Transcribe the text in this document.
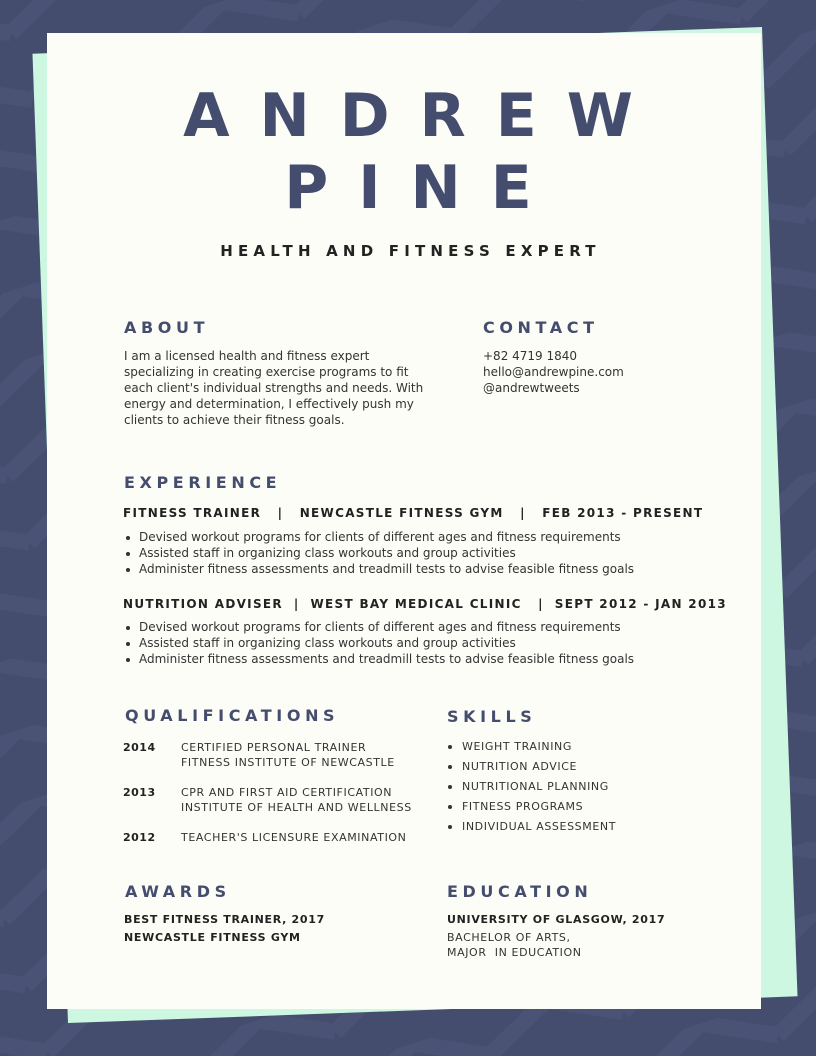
ANDREW
PINE
HEALTH AND FITNESS EXPERT
ABOUT
I am a licensed health and fitness expert
specializing in creating exercise programs to fit
each client's individual strengths and needs. With
energy and determination, I effectively push my
clients to achieve their fitness goals.
CONTACT
+82 4719 1840
hello@andrewpine.com
@andrewtweets
EXPERIENCE
FITNESS TRAINER   |   NEWCASTLE FITNESS GYM   |   FEB 2013 - PRESENT
Devised workout programs for clients of different ages and fitness requirements
Assisted staff in organizing class workouts and group activities
Administer fitness assessments and treadmill tests to advise feasible fitness goals
NUTRITION ADVISER  |  WEST BAY MEDICAL CLINIC   |  SEPT 2012 - JAN 2013
Devised workout programs for clients of different ages and fitness requirements
Assisted staff in organizing class workouts and group activities
Administer fitness assessments and treadmill tests to advise feasible fitness goals
QUALIFICATIONS
2014 CERTIFIED PERSONAL TRAINER
FITNESS INSTITUTE OF NEWCASTLE
2013 CPR AND FIRST AID CERTIFICATION
INSTITUTE OF HEALTH AND WELLNESS
2012 TEACHER'S LICENSURE EXAMINATION
SKILLS
WEIGHT TRAINING
NUTRITION ADVICE
NUTRITIONAL PLANNING
FITNESS PROGRAMS
INDIVIDUAL ASSESSMENT
AWARDS
BEST FITNESS TRAINER, 2017
NEWCASTLE FITNESS GYM
EDUCATION
UNIVERSITY OF GLASGOW, 2017
BACHELOR OF ARTS,
MAJOR  IN EDUCATION
